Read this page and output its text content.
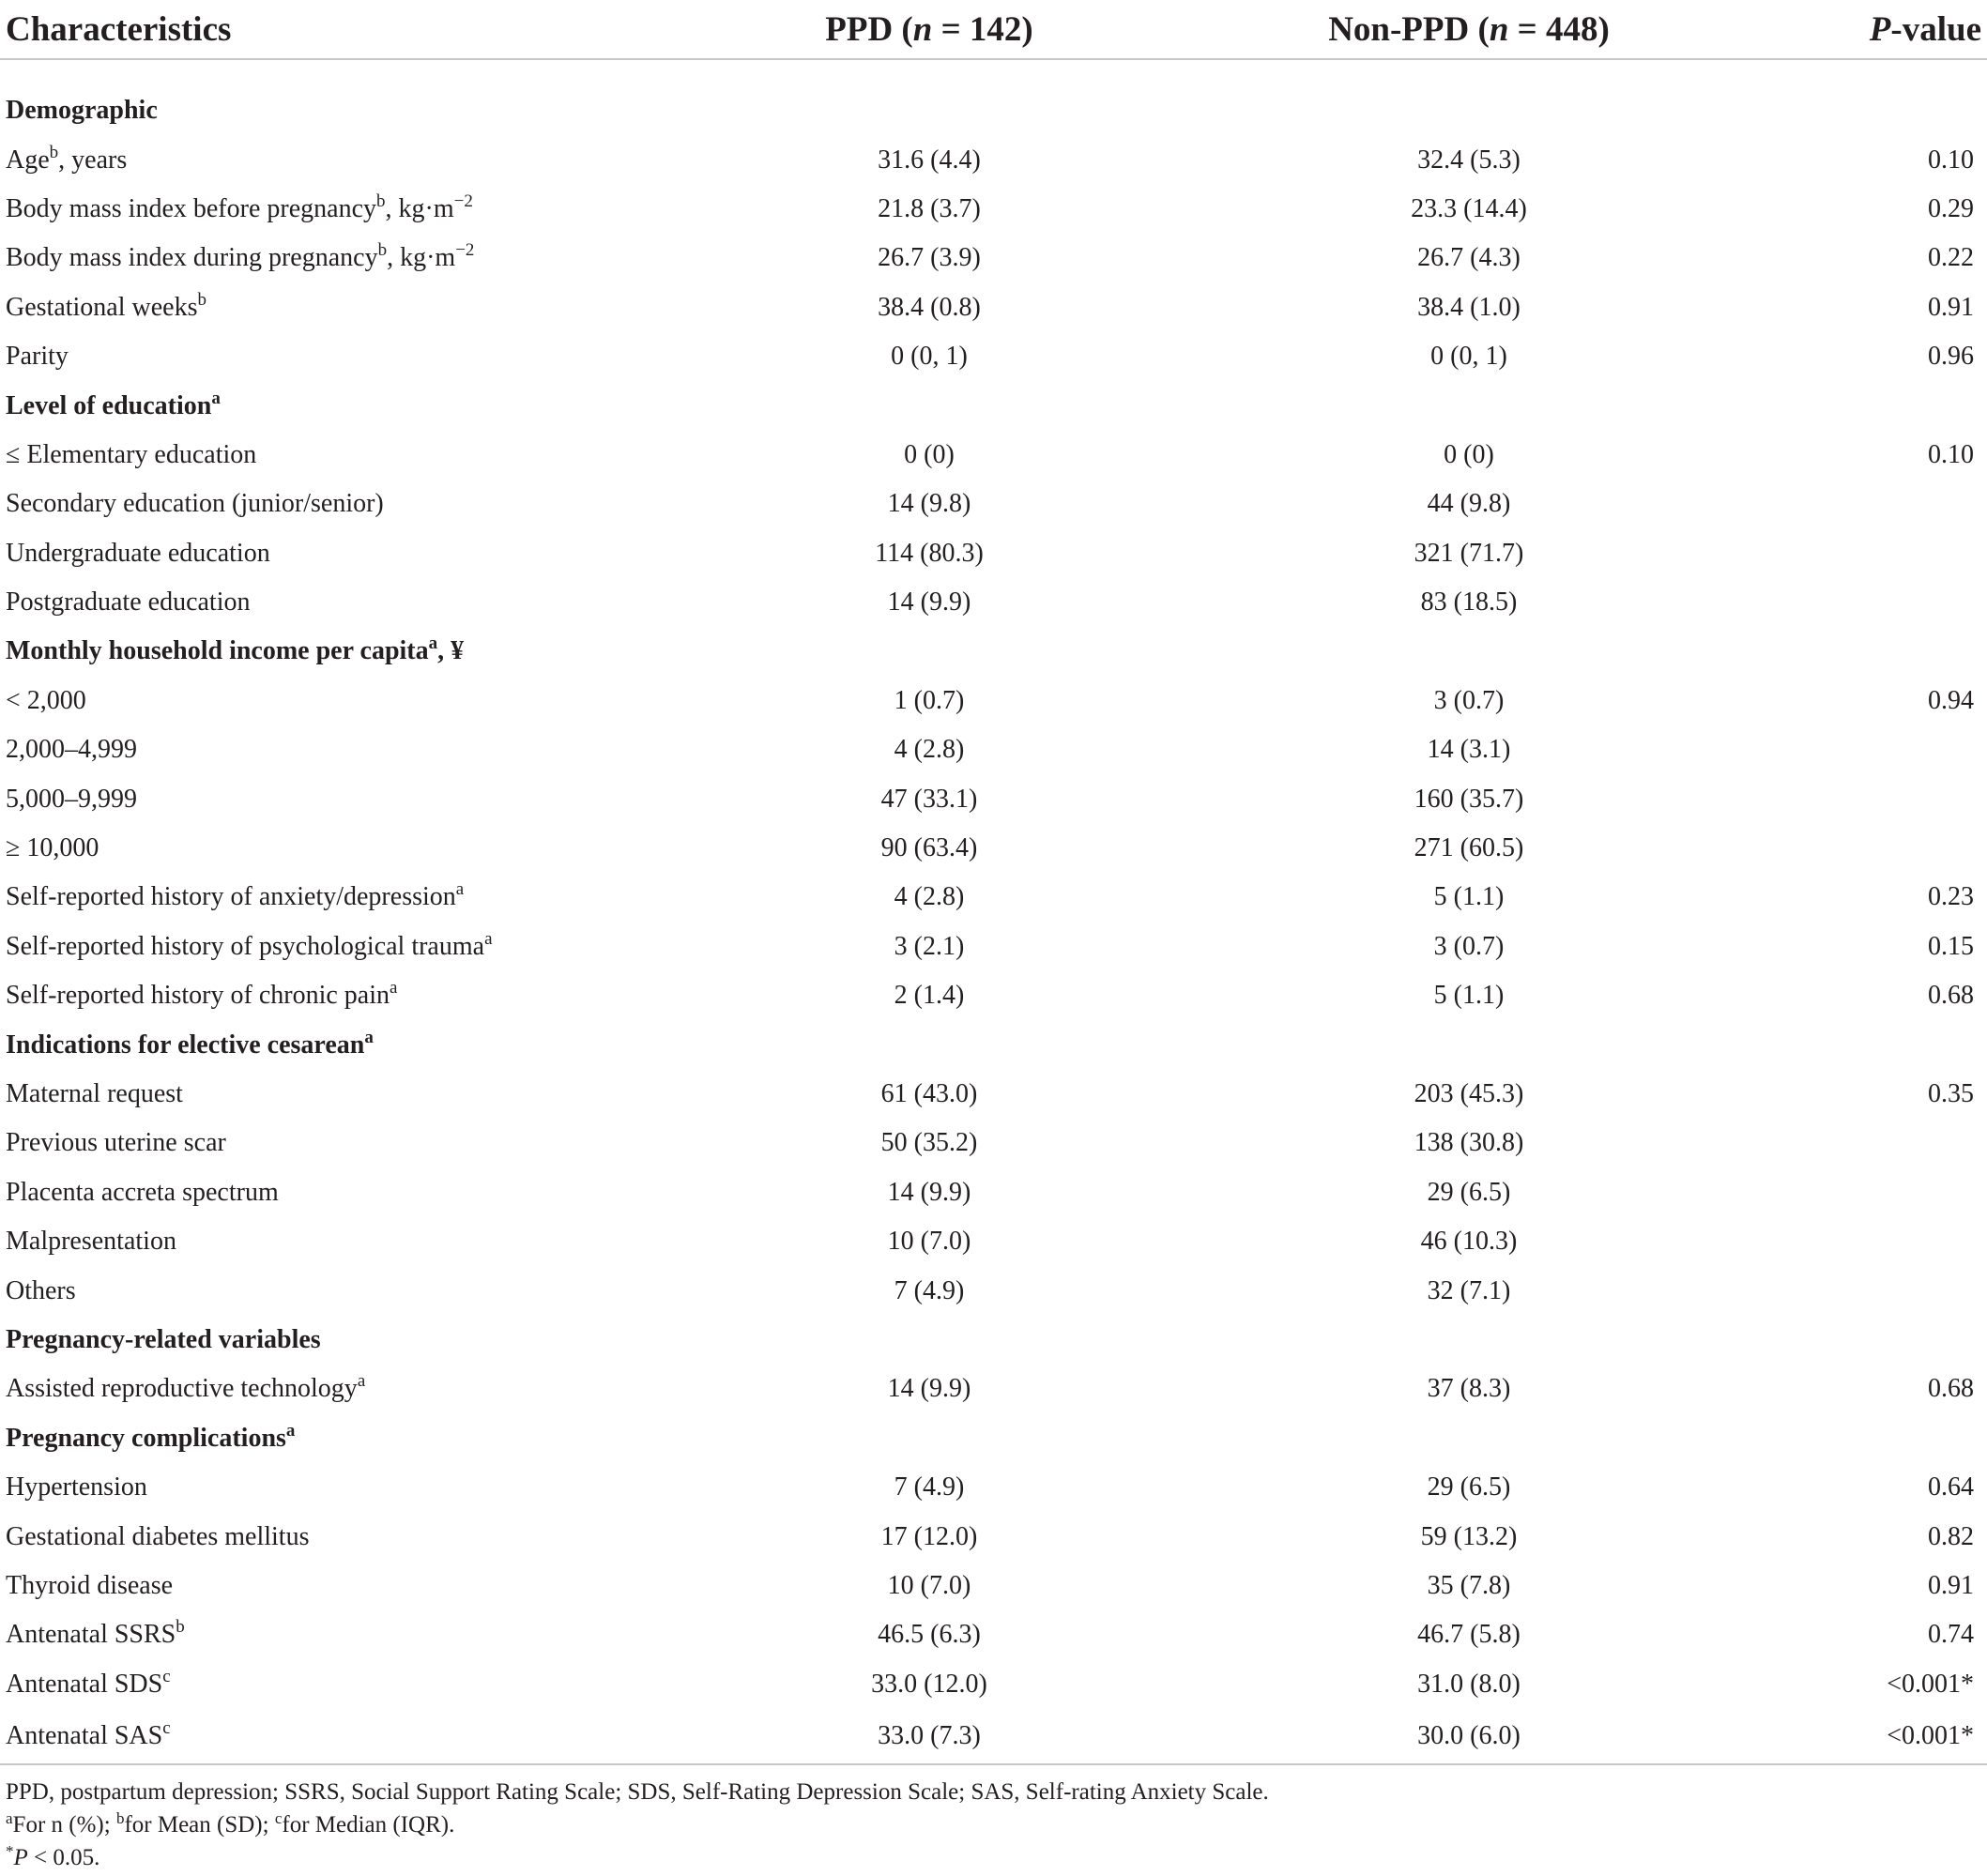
Characteristics	PPD (n = 142)	Non-PPD (n = 448)	P-value

Demographic			
Age$^b$, years	31.6 (4.4)	32.4 (5.3)	0.10
Body mass index before pregnancy$^b$, $kg\cdot m^{-2}$	21.8 (3.7)	23.3 (14.4)	0.29
Body mass index during pregnancy$^b$, $kg\cdot m^{-2}$	26.7 (3.9)	26.7 (4.3)	0.22
Gestational weeks$^b$	38.4 (0.8)	38.4 (1.0)	0.91
Parity	0 (0, 1)	0 (0, 1)	0.96
Level of education$^a$			
≤ Elementary education	0 (0)	0 (0)	0.10
Secondary education (junior/senior)	14 (9.8)	44 (9.8)	
Undergraduate education	114 (80.3)	321 (71.7)	
Postgraduate education	14 (9.9)	83 (18.5)	
Monthly household income per capita$^a$, ¥			
< 2,000	1 (0.7)	3 (0.7)	0.94
2,000–4,999	4 (2.8)	14 (3.1)	
5,000–9,999	47 (33.1)	160 (35.7)	
≥ 10,000	90 (63.4)	271 (60.5)	
Self-reported history of anxiety/depression$^a$	4 (2.8)	5 (1.1)	0.23
Self-reported history of psychological trauma$^a$	3 (2.1)	3 (0.7)	0.15
Self-reported history of chronic pain$^a$	2 (1.4)	5 (1.1)	0.68
Indications for elective cesarean$^a$			
Maternal request	61 (43.0)	203 (45.3)	0.35
Previous uterine scar	50 (35.2)	138 (30.8)	
Placenta accreta spectrum	14 (9.9)	29 (6.5)	
Malpresentation	10 (7.0)	46 (10.3)	
Others	7 (4.9)	32 (7.1)	
Pregnancy-related variables			
Assisted reproductive technology$^a$	14 (9.9)	37 (8.3)	0.68
Pregnancy complications$^a$			
Hypertension	7 (4.9)	29 (6.5)	0.64
Gestational diabetes mellitus	17 (12.0)	59 (13.2)	0.82
Thyroid disease	10 (7.0)	35 (7.8)	0.91
Antenatal SSRS$^b$	46.5 (6.3)	46.7 (5.8)	0.74
Antenatal SDS$^c$	33.0 (12.0)	31.0 (8.0)	<0.001*
Antenatal SAS$^c$	33.0 (7.3)	30.0 (6.0)	<0.001*
PPD, postpartum depression; SSRS, Social Support Rating Scale; SDS, Self-Rating Depression Scale; SAS, Self-rating Anxiety Scale.
$^a$For n (%); $^b$for Mean (SD); $^c$for Median (IQR).
*P < 0.05.
